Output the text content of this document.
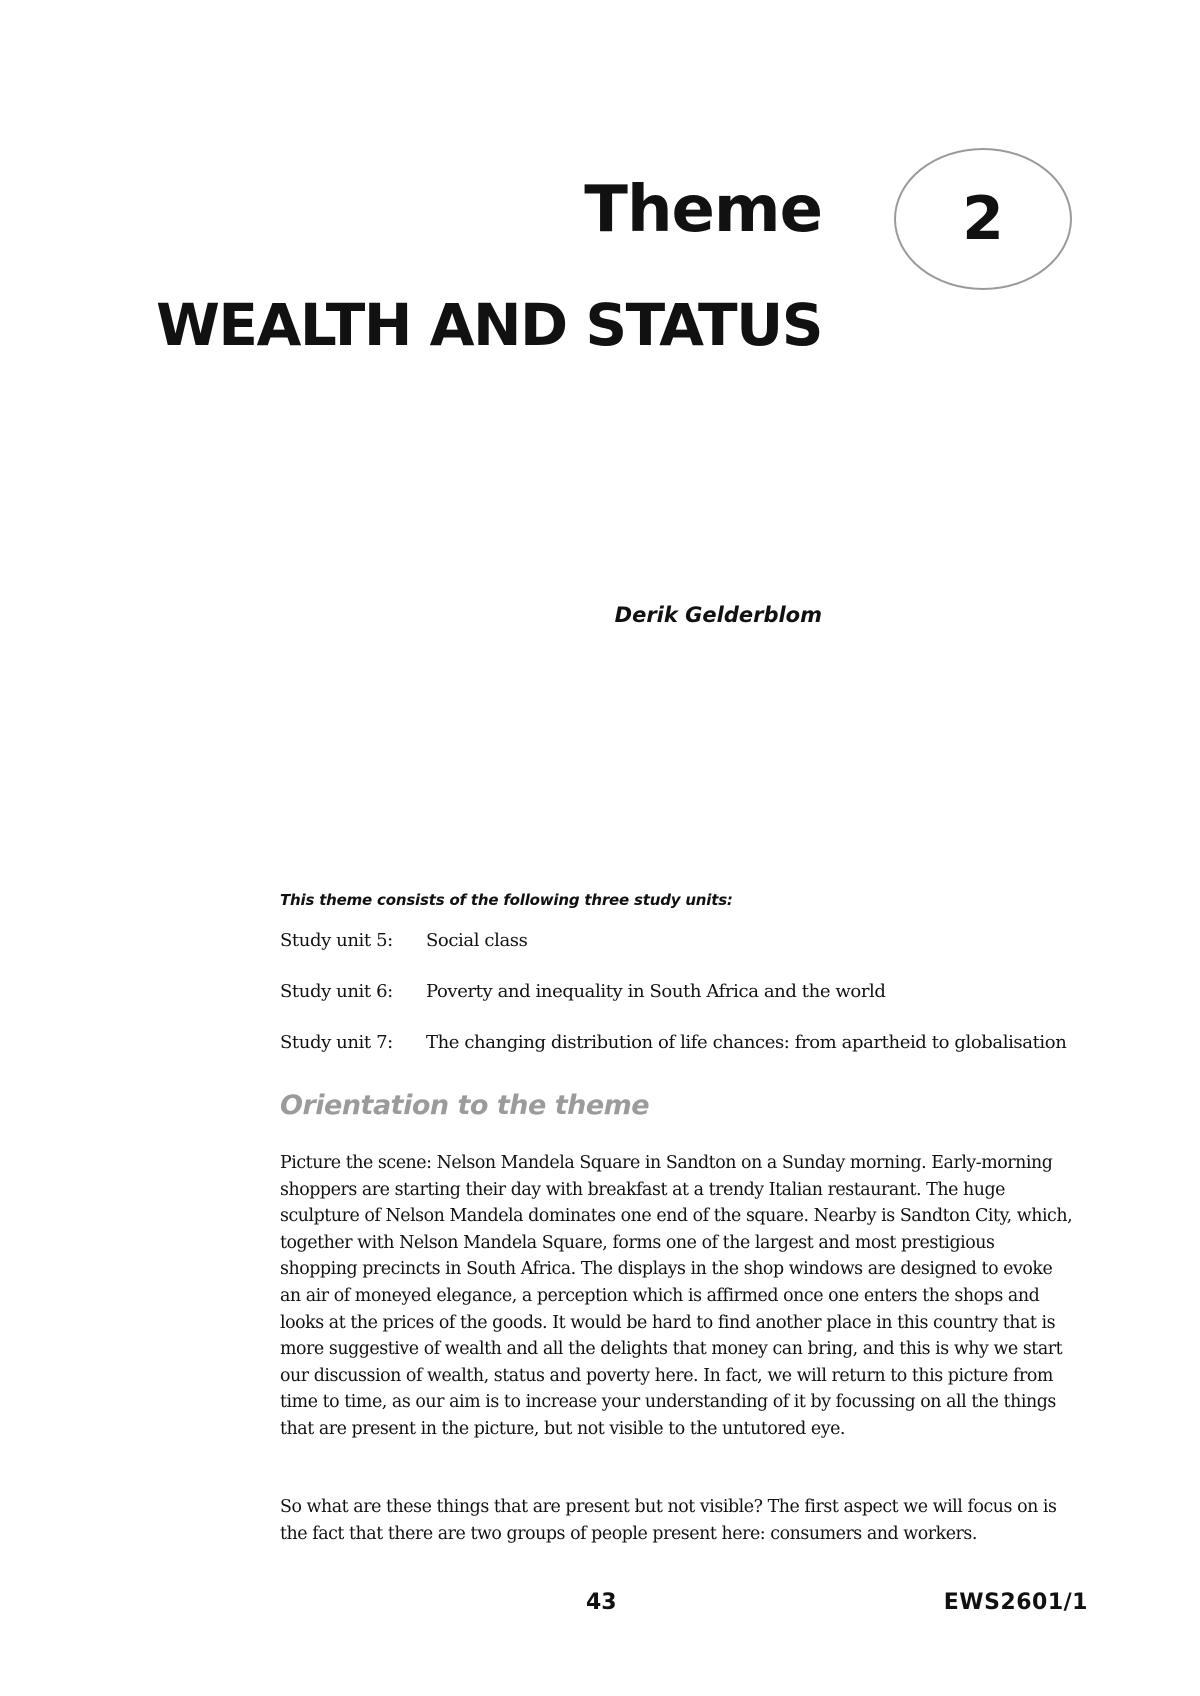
Theme 2
WEALTH AND STATUS
Derik Gelderblom
This theme consists of the following three study units:
Study unit 5:	Social class
Study unit 6:	Poverty and inequality in South Africa and the world
Study unit 7:	The changing distribution of life chances: from apartheid to globalisation
Orientation to the theme

Picture the scene: Nelson Mandela Square in Sandton on a Sunday morning. Early-morning shoppers are starting their day with breakfast at a trendy Italian restaurant. The huge sculpture of Nelson Mandela dominates one end of the square. Nearby is Sandton City, which, together with Nelson Mandela Square, forms one of the largest and most prestigious shopping precincts in South Africa. The displays in the shop windows are designed to evoke an air of moneyed elegance, a perception which is affirmed once one enters the shops and looks at the prices of the goods. It would be hard to find another place in this country that is more suggestive of wealth and all the delights that money can bring, and this is why we start our discussion of wealth, status and poverty here. In fact, we will return to this picture from time to time, as our aim is to increase your understanding of it by focussing on all the things that are present in the picture, but not visible to the untutored eye.

So what are these things that are present but not visible? The first aspect we will focus on is the fact that there are two groups of people present here: consumers and workers.

43	EWS2601/1
